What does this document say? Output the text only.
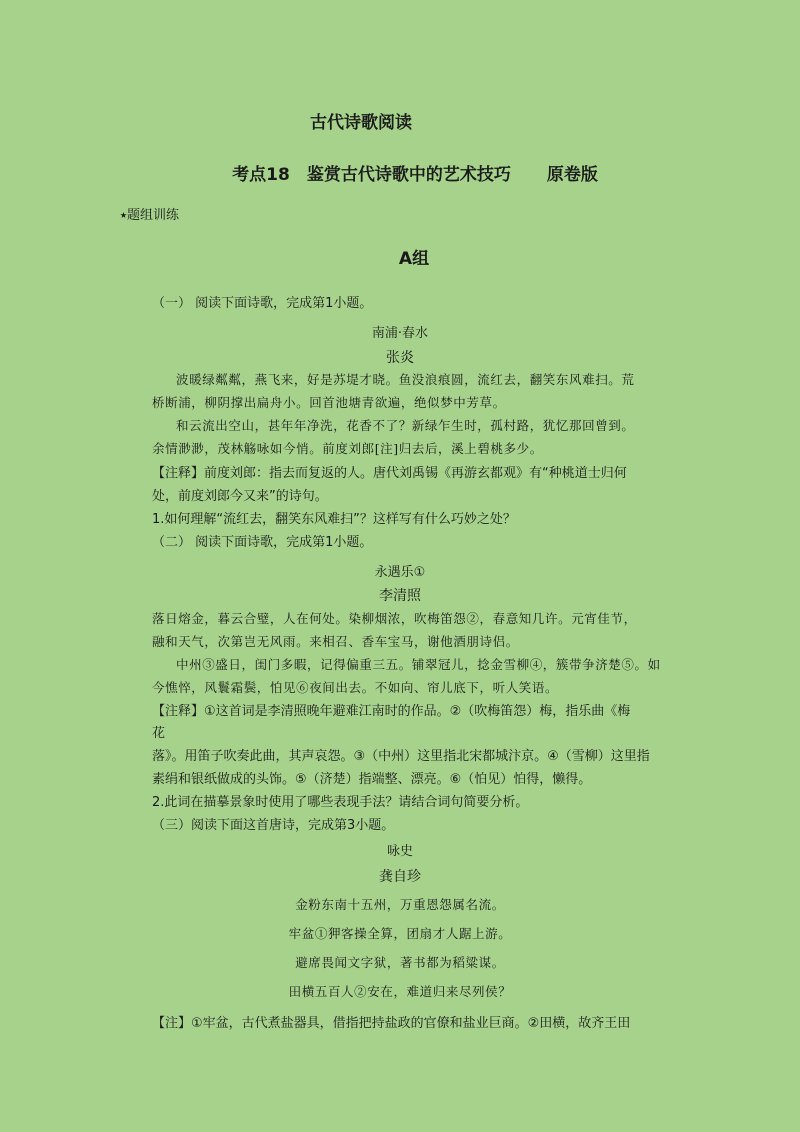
古代诗歌阅读
考点18　鉴赏古代诗歌中的艺术技巧 原卷版
⭑题组训练
A组
（一） 阅读下面诗歌，完成第1小题。
南浦·春水
张炎
波暖绿粼粼，燕飞来，好是苏堤才晓。鱼没浪痕圆，流红去，翻笑东风难扫。荒
桥断浦，柳阴撑出扁舟小。回首池塘青欲遍，绝似梦中芳草。
和云流出空山，甚年年净洗，花香不了？新绿乍生时，孤村路，犹忆那回曾到。
余情渺渺，茂林觞咏如今悄。前度刘郎[注]归去后，溪上碧桃多少。
【注释】前度刘郎：指去而复返的人。唐代刘禹锡《再游玄都观》有“种桃道士归何
处，前度刘郎今又来”的诗句。
1.如何理解“流红去，翻笑东风难扫”？这样写有什么巧妙之处？
（二） 阅读下面诗歌，完成第1小题。
永遇乐①
李清照
落日熔金，暮云合璧，人在何处。染柳烟浓，吹梅笛怨②，春意知几许。元宵佳节，
融和天气，次第岂无风雨。来相召、香车宝马，谢他酒朋诗侣。
中州③盛日，闺门多暇，记得偏重三五。铺翠冠儿，捻金雪柳④，簇带争济楚⑤。如
今憔悴，风鬟霜鬓，怕见⑥夜间出去。不如向、帘儿底下，听人笑语。
【注释】①这首词是李清照晚年避难江南时的作品。②（吹梅笛怨）梅，指乐曲《梅
花
落》。用笛子吹奏此曲，其声哀怨。③（中州）这里指北宋都城汴京。④（雪柳）这里指
素绢和银纸做成的头饰。⑤（济楚）指端整、漂亮。⑥（怕见）怕得，懒得。
2.此词在描摹景象时使用了哪些表现手法？请结合词句简要分析。
（三）阅读下面这首唐诗，完成第3小题。
咏史
龚自珍
金粉东南十五州，万重恩怨属名流。
牢盆①狎客操全算，团扇才人踞上游。
避席畏闻文字狱，著书都为稻粱谋。
田横五百人②安在，难道归来尽列侯？
【注】①牢盆，古代煮盐器具，借指把持盐政的官僚和盐业巨商。②田横，故齐王田
